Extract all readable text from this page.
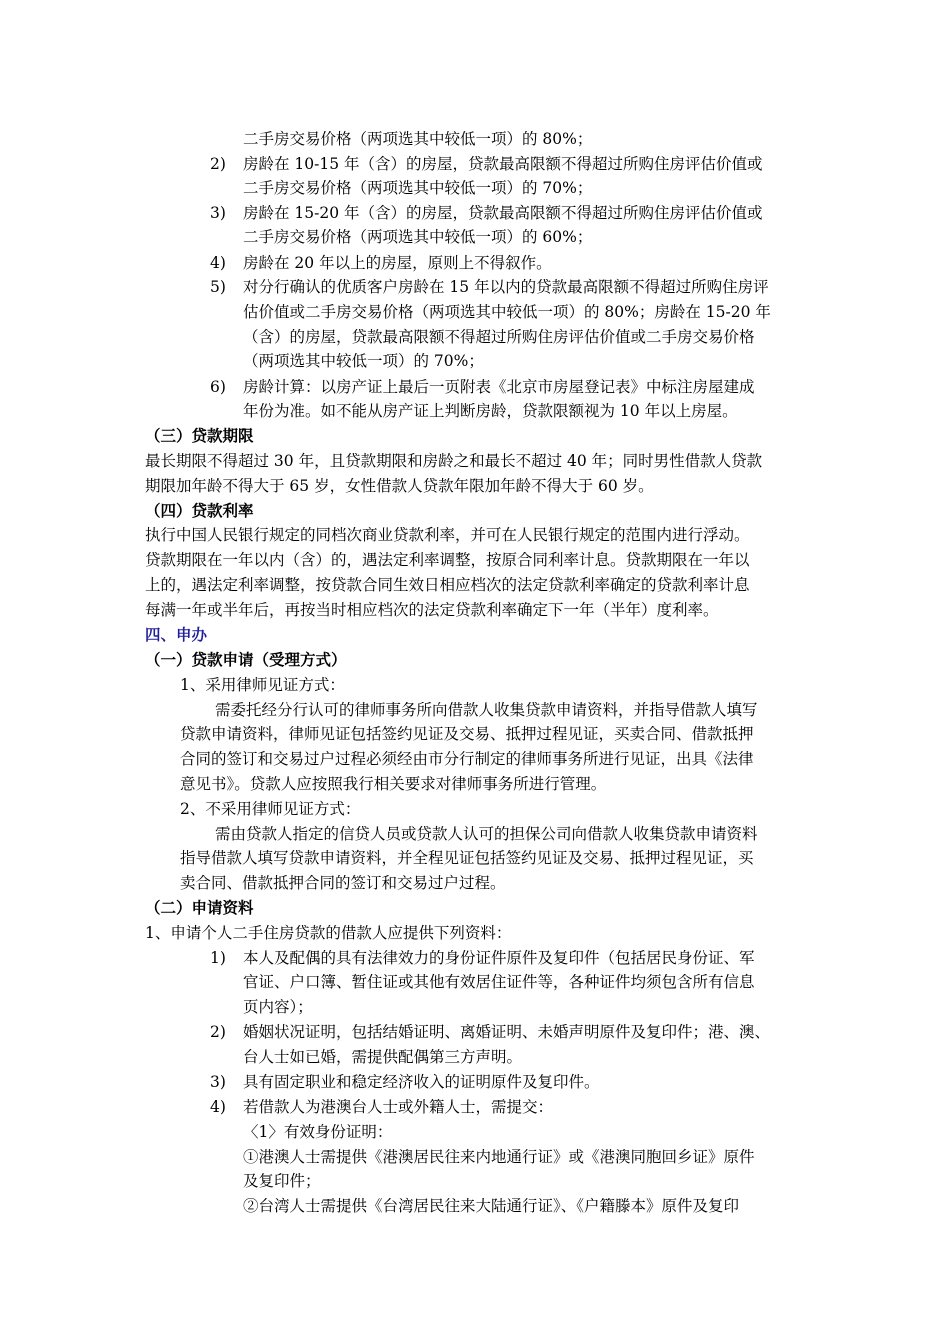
二手房交易价格（两项选其中较低一项）的 80%；
2) 房龄在 10-15 年（含）的房屋，贷款最高限额不得超过所购住房评估价值或
二手房交易价格（两项选其中较低一项）的 70%；
3) 房龄在 15-20 年（含）的房屋，贷款最高限额不得超过所购住房评估价值或
二手房交易价格（两项选其中较低一项）的 60%；
4) 房龄在 20 年以上的房屋，原则上不得叙作。
5) 对分行确认的优质客户房龄在 15 年以内的贷款最高限额不得超过所购住房评
估价值或二手房交易价格（两项选其中较低一项）的 80%；房龄在 15-20 年
（含）的房屋，贷款最高限额不得超过所购住房评估价值或二手房交易价格
（两项选其中较低一项）的 70%；
6) 房龄计算：以房产证上最后一页附表《北京市房屋登记表》中标注房屋建成
年份为准。如不能从房产证上判断房龄，贷款限额视为 10 年以上房屋。
（三）贷款期限
最长期限不得超过 30 年，且贷款期限和房龄之和最长不超过 40 年；同时男性借款人贷款
期限加年龄不得大于 65 岁，女性借款人贷款年限加年龄不得大于 60 岁。
（四）贷款利率
执行中国人民银行规定的同档次商业贷款利率，并可在人民银行规定的范围内进行浮动。
贷款期限在一年以内（含）的，遇法定利率调整，按原合同利率计息。贷款期限在一年以
上的，遇法定利率调整，按贷款合同生效日相应档次的法定贷款利率确定的贷款利率计息
每满一年或半年后，再按当时相应档次的法定贷款利率确定下一年（半年）度利率。
四、申办
（一）贷款申请（受理方式）
1、采用律师见证方式：
需委托经分行认可的律师事务所向借款人收集贷款申请资料，并指导借款人填写
贷款申请资料，律师见证包括签约见证及交易、抵押过程见证，买卖合同、借款抵押
合同的签订和交易过户过程必须经由市分行制定的律师事务所进行见证，出具《法律
意见书》。贷款人应按照我行相关要求对律师事务所进行管理。
2、不采用律师见证方式：
需由贷款人指定的信贷人员或贷款人认可的担保公司向借款人收集贷款申请资料
指导借款人填写贷款申请资料，并全程见证包括签约见证及交易、抵押过程见证，买
卖合同、借款抵押合同的签订和交易过户过程。
（二）申请资料
1、申请个人二手住房贷款的借款人应提供下列资料：
1) 本人及配偶的具有法律效力的身份证件原件及复印件（包括居民身份证、军
官证、户口簿、暂住证或其他有效居住证件等，各种证件均须包含所有信息
页内容）；
2) 婚姻状况证明，包括结婚证明、离婚证明、未婚声明原件及复印件；港、澳、
台人士如已婚，需提供配偶第三方声明。
3) 具有固定职业和稳定经济收入的证明原件及复印件。
4) 若借款人为港澳台人士或外籍人士，需提交：
〈1〉有效身份证明：
①港澳人士需提供《港澳居民往来内地通行证》或《港澳同胞回乡证》原件
及复印件；
②台湾人士需提供《台湾居民往来大陆通行证》、《户籍滕本》原件及复印
